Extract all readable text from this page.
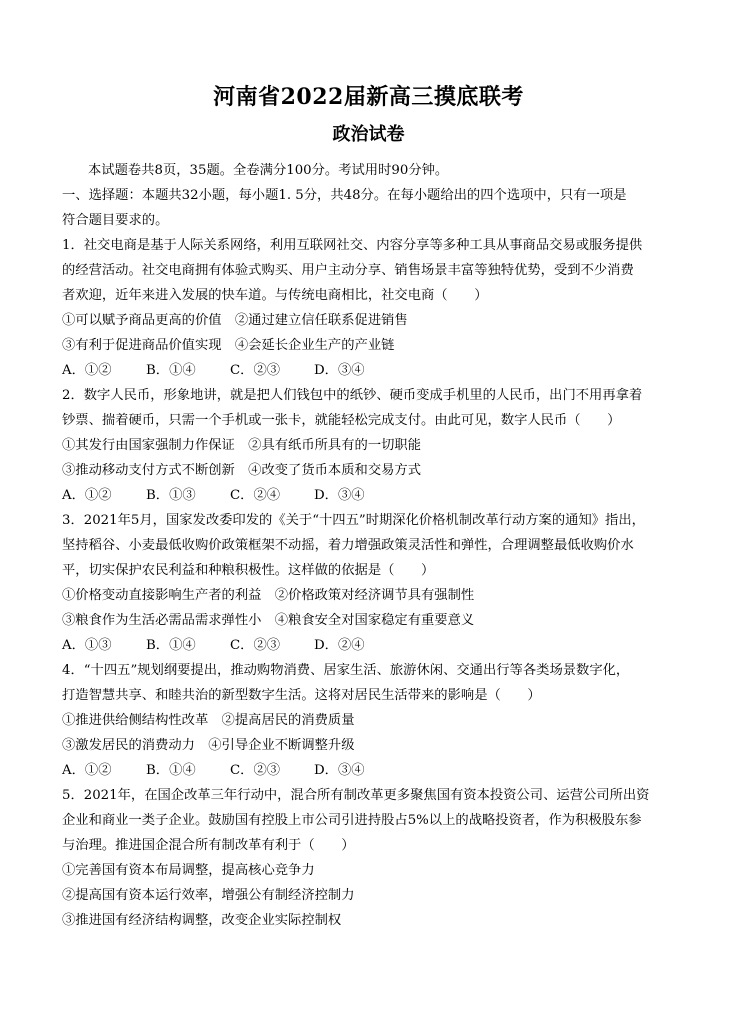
河南省2022届新高三摸底联考
政治试卷
本试题卷共8页，35题。全卷满分100分。考试用时90分钟。
一、选择题：本题共32小题，每小题1. 5分，共48分。在每小题给出的四个选项中，只有一项是
符合题目要求的。
1．社交电商是基于人际关系网络，利用互联网社交、内容分享等多种工具从事商品交易或服务提供
的经营活动。社交电商拥有体验式购买、用户主动分享、销售场景丰富等独特优势，受到不少消费
者欢迎，近年来进入发展的快车道。与传统电商相比，社交电商（　　）
①可以赋予商品更高的价值　②通过建立信任联系促进销售
③有利于促进商品价值实现　④会延长企业生产的产业链
A．①②	B．①④	C．②③	D．③④
2．数字人民币，形象地讲，就是把人们钱包中的纸钞、硬币变成手机里的人民币，出门不用再拿着
钞票、揣着硬币，只需一个手机或一张卡，就能轻松完成支付。由此可见，数字人民币（　　）
①其发行由国家强制力作保证　②具有纸币所具有的一切职能
③推动移动支付方式不断创新　④改变了货币本质和交易方式
A．①②	B．①③	C．②④	D．③④
3．2021年5月，国家发改委印发的《关于“十四五”时期深化价格机制改革行动方案的通知》指出，
坚持稻谷、小麦最低收购价政策框架不动摇，着力增强政策灵活性和弹性，合理调整最低收购价水
平，切实保护农民利益和种粮积极性。这样做的依据是（　　）
①价格变动直接影响生产者的利益　②价格政策对经济调节具有强制性
③粮食作为生活必需品需求弹性小　④粮食安全对国家稳定有重要意义
A．①③	B．①④	C．②③	D．②④
4．“十四五”规划纲要提出，推动购物消费、居家生活、旅游休闲、交通出行等各类场景数字化，
打造智慧共享、和睦共治的新型数字生活。这将对居民生活带来的影响是（　　）
①推进供给侧结构性改革　②提高居民的消费质量
③激发居民的消费动力　④引导企业不断调整升级
A．①②	B．①④	C．②③	D．③④
5．2021年，在国企改革三年行动中，混合所有制改革更多聚焦国有资本投资公司、运营公司所出资
企业和商业一类子企业。鼓励国有控股上市公司引进持股占5%以上的战略投资者，作为积极股东参
与治理。推进国企混合所有制改革有利于（　　）
①完善国有资本布局调整，提高核心竞争力
②提高国有资本运行效率，增强公有制经济控制力
③推进国有经济结构调整，改变企业实际控制权
